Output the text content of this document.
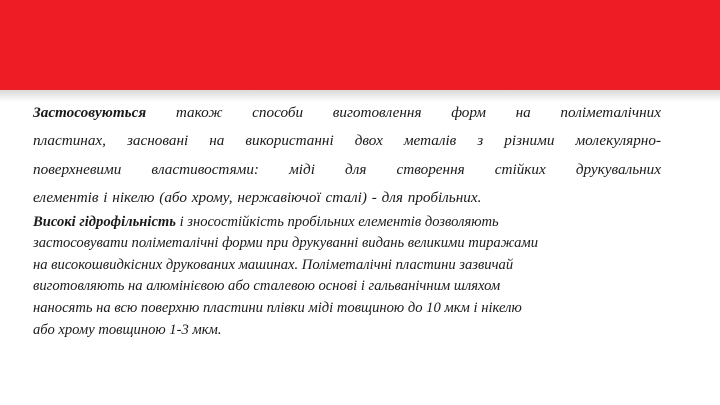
Застосовуються також способи виготовлення форм на поліметалічних
пластинах, засновані на використанні двох металів з різними молекулярно-
поверхневими властивостями: міді для створення стійких друкувальних
елементів і нікелю (або хрому, нержавіючої сталі) - для пробільних.
Високі гідрофільність і зносостійкість пробільних елементів дозволяють
застосовувати поліметалічні форми при друкуванні видань великими тиражами
на високошвидкісних друкованих машинах. Поліметалічні пластини зазвичай
виготовляють на алюмінієвою або сталевою основі і гальванічним шляхом
наносять на всю поверхню пластини плівки міді товщиною до 10 мкм і нікелю
або хрому товщиною 1-3 мкм.
